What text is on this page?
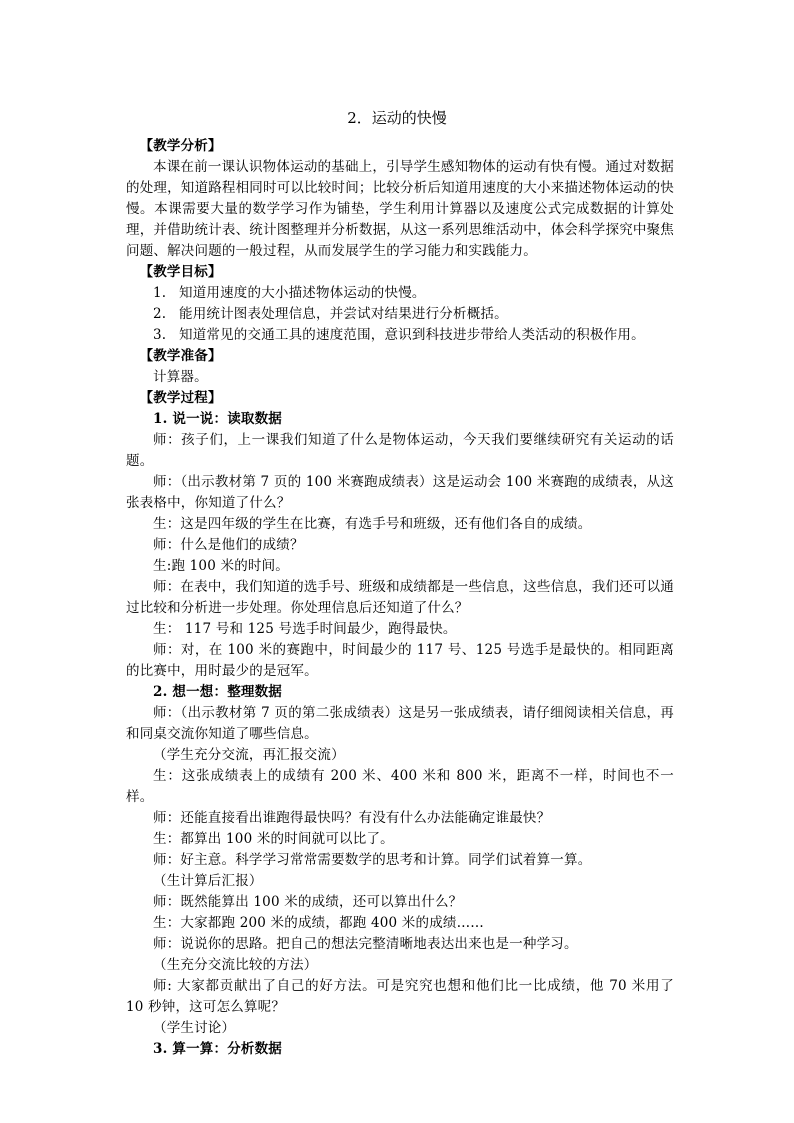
2．运动的快慢

【教学分析】

本课在前一课认识物体运动的基础上，引导学生感知物体的运动有快有慢。通过对数据的处理，知道路程相同时可以比较时间；比较分析后知道用速度的大小来描述物体运动的快慢。本课需要大量的数学学习作为铺垫，学生利用计算器以及速度公式完成数据的计算处理，并借助统计表、统计图整理并分析数据，从这一系列思维活动中，体会科学探究中聚焦问题、解决问题的一般过程，从而发展学生的学习能力和实践能力。

【教学目标】

1. 知道用速度的大小描述物体运动的快慢。

2. 能用统计图表处理信息，并尝试对结果进行分析概括。

3. 知道常见的交通工具的速度范围，意识到科技进步带给人类活动的积极作用。

【教学准备】

计算器。

【教学过程】

1. 说一说：读取数据

师：孩子们，上一课我们知道了什么是物体运动，今天我们要继续研究有关运动的话题。

师：（出示教材第 7 页的 100 米赛跑成绩表）这是运动会 100 米赛跑的成绩表，从这张表格中，你知道了什么？

生：这是四年级的学生在比赛，有选手号和班级，还有他们各自的成绩。

师：什么是他们的成绩？

生:跑 100 米的时间。

师：在表中，我们知道的选手号、班级和成绩都是一些信息，这些信息，我们还可以通过比较和分析进一步处理。你处理信息后还知道了什么？

生： 117 号和 125 号选手时间最少，跑得最快。

师：对，在 100 米的赛跑中，时间最少的 117 号、125 号选手是最快的。相同距离的比赛中，用时最少的是冠军。

2. 想一想：整理数据

师：（出示教材第 7 页的第二张成绩表）这是另一张成绩表，请仔细阅读相关信息，再和同桌交流你知道了哪些信息。

（学生充分交流，再汇报交流）

生：这张成绩表上的成绩有 200 米、400 米和 800 米，距离不一样，时间也不一样。

师：还能直接看出谁跑得最快吗？有没有什么办法能确定谁最快？

生：都算出 100 米的时间就可以比了。

师：好主意。科学学习常常需要数学的思考和计算。同学们试着算一算。

（生计算后汇报）

师：既然能算出 100 米的成绩，还可以算出什么？

生：大家都跑 200 米的成绩，都跑 400 米的成绩……

师：说说你的思路。把自己的想法完整清晰地表达出来也是一种学习。

（生充分交流比较的方法）

师: 大家都贡献出了自己的好方法。可是究究也想和他们比一比成绩，他 70 米用了 10 秒钟，这可怎么算呢？

（学生讨论）

3. 算一算：分析数据
